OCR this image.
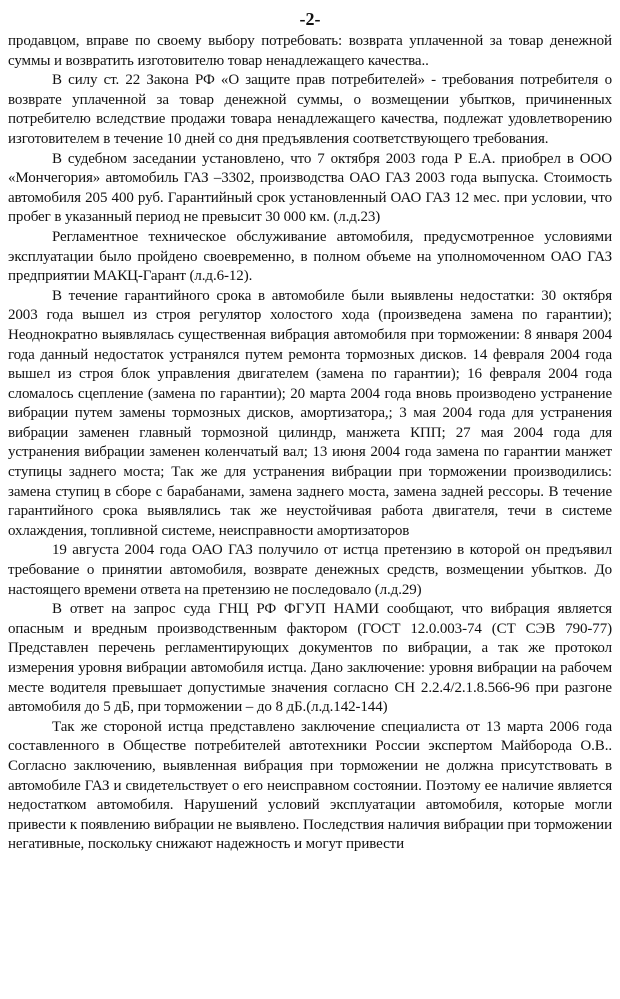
-2-

продавцом, вправе по своему выбору потребовать: возврата уплаченной за товар денежной суммы и возвратить изготовителю товар ненадлежащего качества..

В силу ст. 22 Закона РФ «О защите прав потребителей» - требования потребителя о возврате уплаченной за товар денежной суммы, о возмещении убытков, причиненных потребителю вследствие продажи товара ненадлежащего качества, подлежат удовлетворению изготовителем в течение 10 дней со дня предъявления соответствующего требования.

В судебном заседании установлено, что 7 октября 2003 года Р Е.А. приобрел в ООО «Мончегория» автомобиль ГАЗ –3302, производства ОАО ГАЗ 2003 года выпуска. Стоимость автомобиля 205 400 руб. Гарантийный срок установленный ОАО ГАЗ 12 мес. при условии, что пробег в указанный период не превысит 30 000 км. (л.д.23)

Регламентное техническое обслуживание автомобиля, предусмотренное условиями эксплуатации было пройдено своевременно, в полном объеме на уполномоченном ОАО ГАЗ предприятии МАКЦ-Гарант (л.д.6-12).

В течение гарантийного срока в автомобиле были выявлены недостатки: 30 октября 2003 года вышел из строя регулятор холостого хода (произведена замена по гарантии); Неоднократно выявлялась существенная вибрация автомобиля при торможении: 8 января 2004 года данный недостаток устранялся путем ремонта тормозных дисков. 14 февраля 2004 года вышел из строя блок управления двигателем (замена по гарантии); 16 февраля 2004 года сломалось сцепление (замена по гарантии); 20 марта 2004 года вновь производено устранение вибрации путем замены тормозных дисков, амортизатора,; 3 мая 2004 года для устранения вибрации заменен главный тормозной цилиндр, манжета КПП; 27 мая 2004 года для устранения вибрации заменен коленчатый вал; 13 июня 2004 года замена по гарантии манжет ступицы заднего моста; Так же для устранения вибрации при торможении производились: замена ступиц в сборе с барабанами, замена заднего моста, замена задней рессоры. В течение гарантийного срока выявлялись так же неустойчивая работа двигателя, течи в системе охлаждения, топливной системе, неисправности амортизаторов

19 августа 2004 года ОАО ГАЗ получило от истца претензию в которой он предъявил требование о принятии автомобиля, возврате денежных средств, возмещении убытков. До настоящего времени ответа на претензию не последовало (л.д.29)

В ответ на запрос суда ГНЦ РФ ФГУП НАМИ сообщают, что вибрация является опасным и вредным производственным фактором (ГОСТ 12.0.003-74 (СТ СЭВ 790-77) Представлен перечень регламентирующих документов по вибрации, а так же протокол измерения уровня вибрации автомобиля истца. Дано заключение: уровня вибрации на рабочем месте водителя превышает допустимые значения согласно СН 2.2.4/2.1.8.566-96 при разгоне автомобиля до 5 дБ, при торможении – до 8 дБ.(л.д.142-144)

Так же стороной истца представлено заключение специалиста от 13 марта 2006 года составленного в Обществе потребителей автотехники России экспертом Майборода О.В.. Согласно заключению, выявленная вибрация при торможении не должна присутствовать в автомобиле ГАЗ и свидетельствует о его неисправном состоянии. Поэтому ее наличие является недостатком автомобиля. Нарушений условий эксплуатации автомобиля, которые могли привести к появлению вибрации не выявлено. Последствия наличия вибрации при торможении негативные, поскольку снижают надежность и могут привести
